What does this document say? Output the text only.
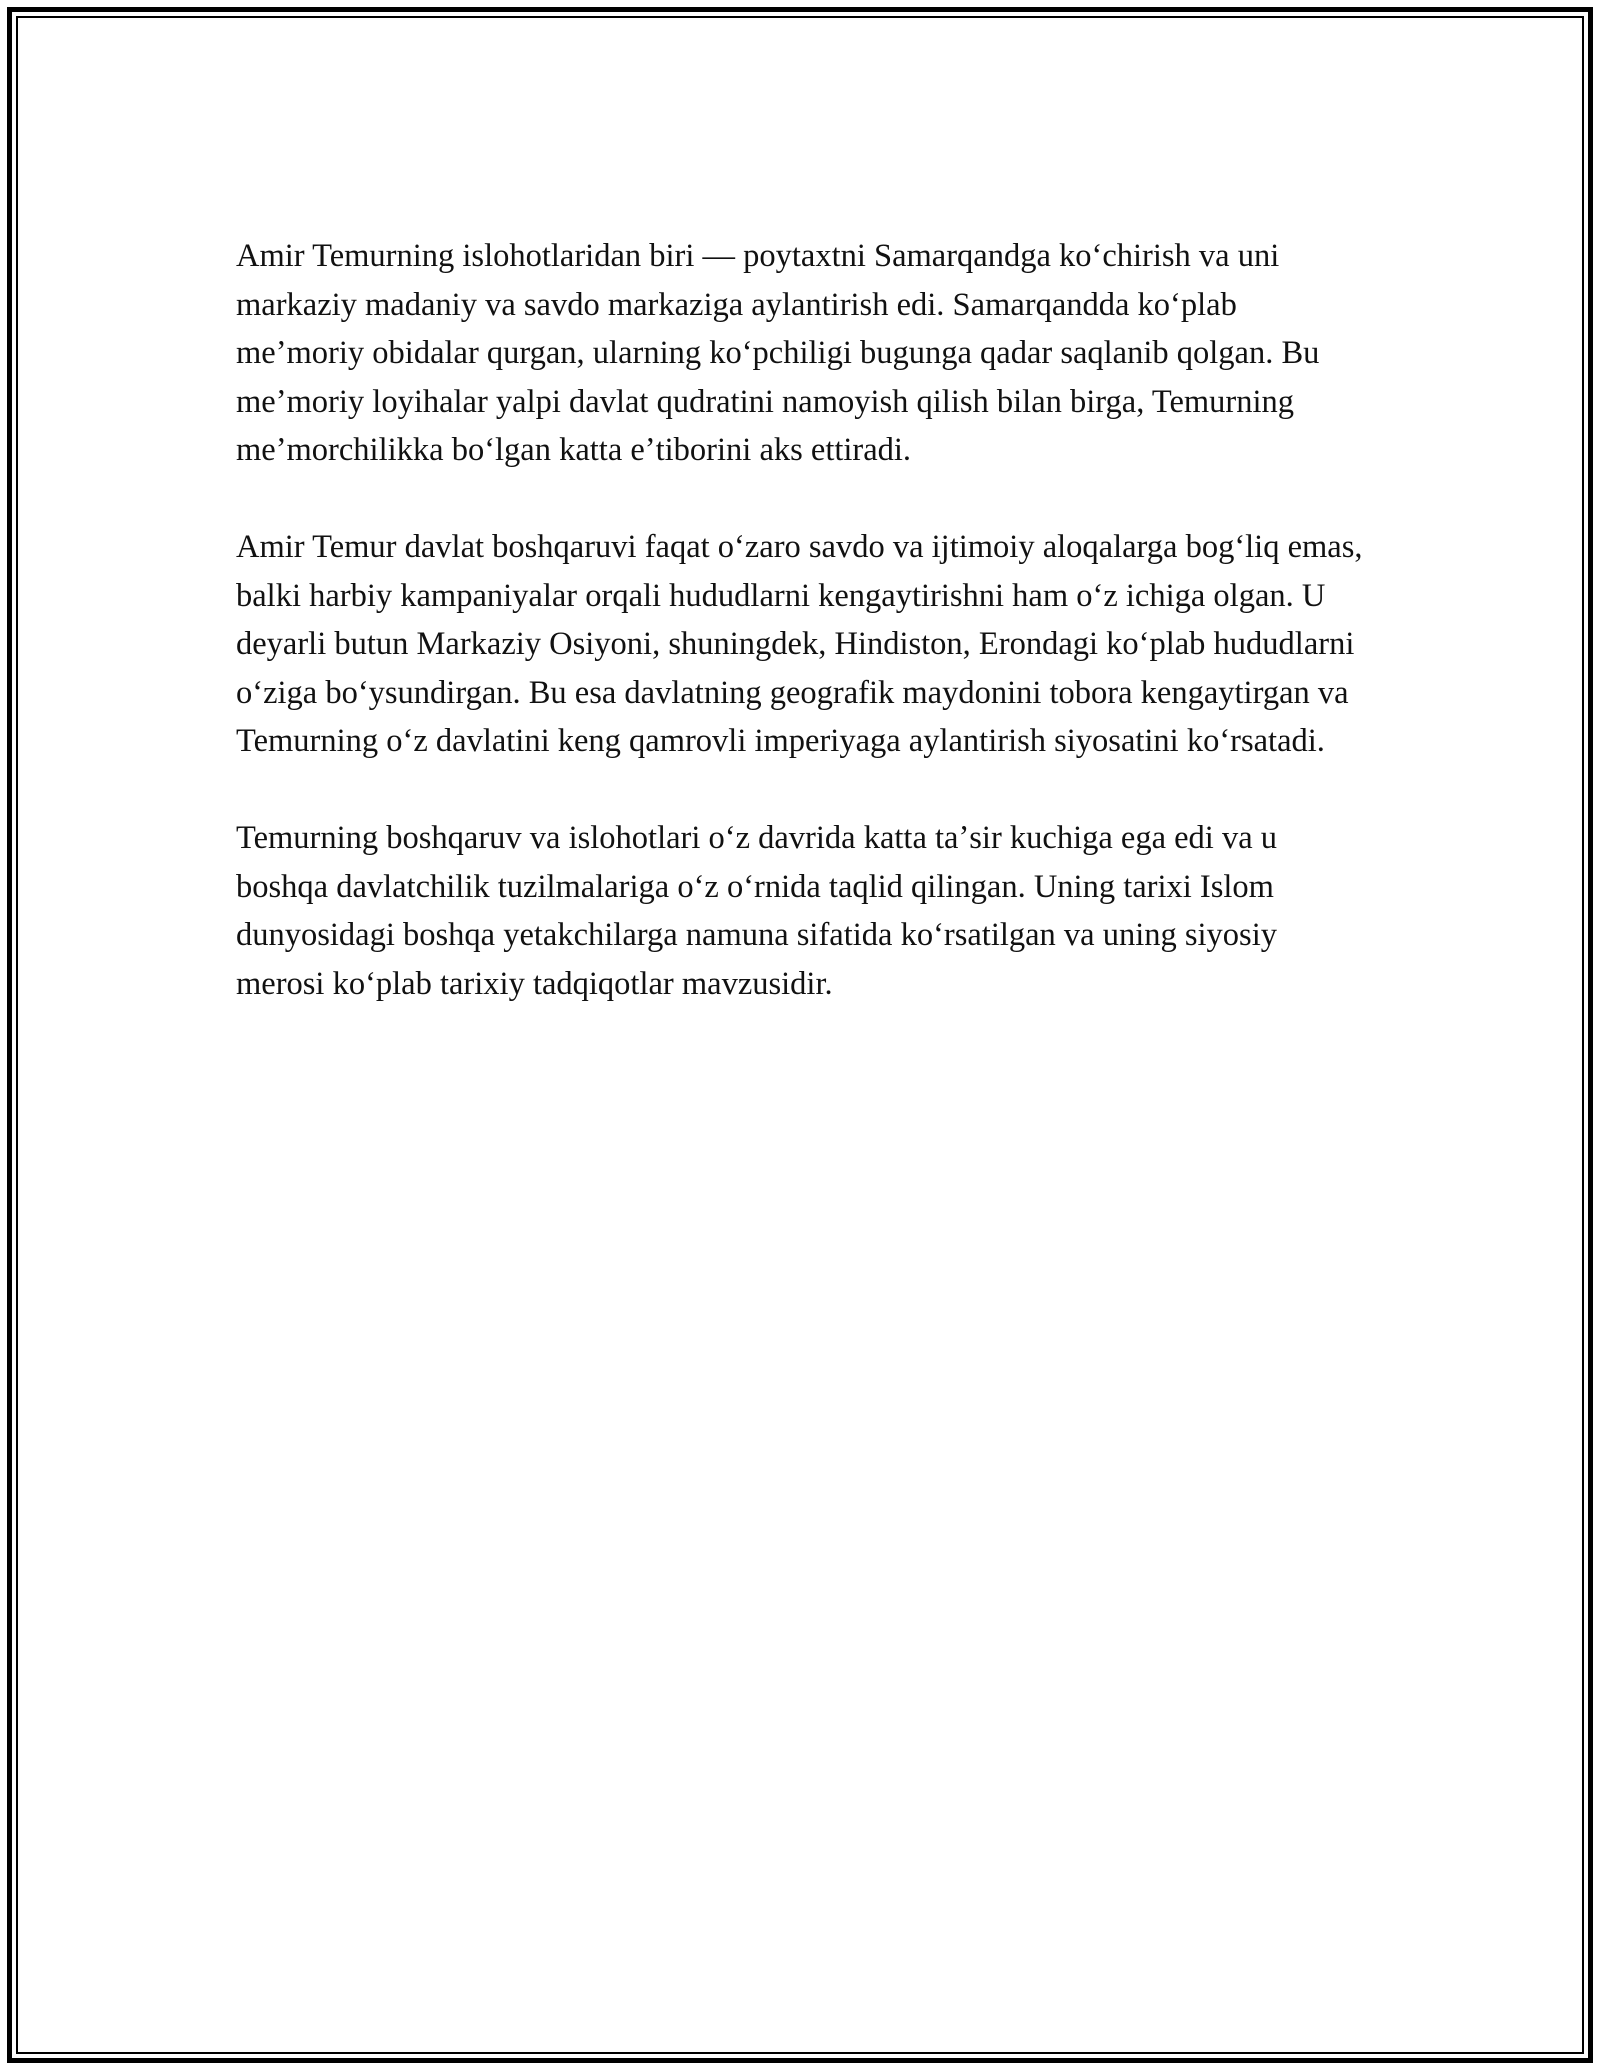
Amir Temurning islohotlaridan biri — poytaxtni Samarqandga koʻchirish va uni markaziy madaniy va savdo markaziga aylantirish edi. Samarqandda koʻplab meʼmoriy obidalar qurgan, ularning koʻpchiligi bugunga qadar saqlanib qolgan. Bu meʼmoriy loyihalar yalpi davlat qudratini namoyish qilish bilan birga, Temurning meʼmorchilikka boʻlgan katta eʼtiborini aks ettiradi.

Amir Temur davlat boshqaruvi faqat oʻzaro savdo va ijtimoiy aloqalarga bogʻliq emas, balki harbiy kampaniyalar orqali hududlarni kengaytirishni ham oʻz ichiga olgan. U deyarli butun Markaziy Osiyoni, shuningdek, Hindiston, Erondagi koʻplab hududlarni oʻziga boʻysundirgan. Bu esa davlatning geografik maydonini tobora kengaytirgan va Temurning oʻz davlatini keng qamrovli imperiyaga aylantirish siyosatini koʻrsatadi.

Temurning boshqaruv va islohotlari oʻz davrida katta taʼsir kuchiga ega edi va u boshqa davlatchilik tuzilmalariga oʻz oʻrnida taqlid qilingan. Uning tarixi Islom dunyosidagi boshqa yetakchilarga namuna sifatida koʻrsatilgan va uning siyosiy merosi koʻplab tarixiy tadqiqotlar mavzusidir.
